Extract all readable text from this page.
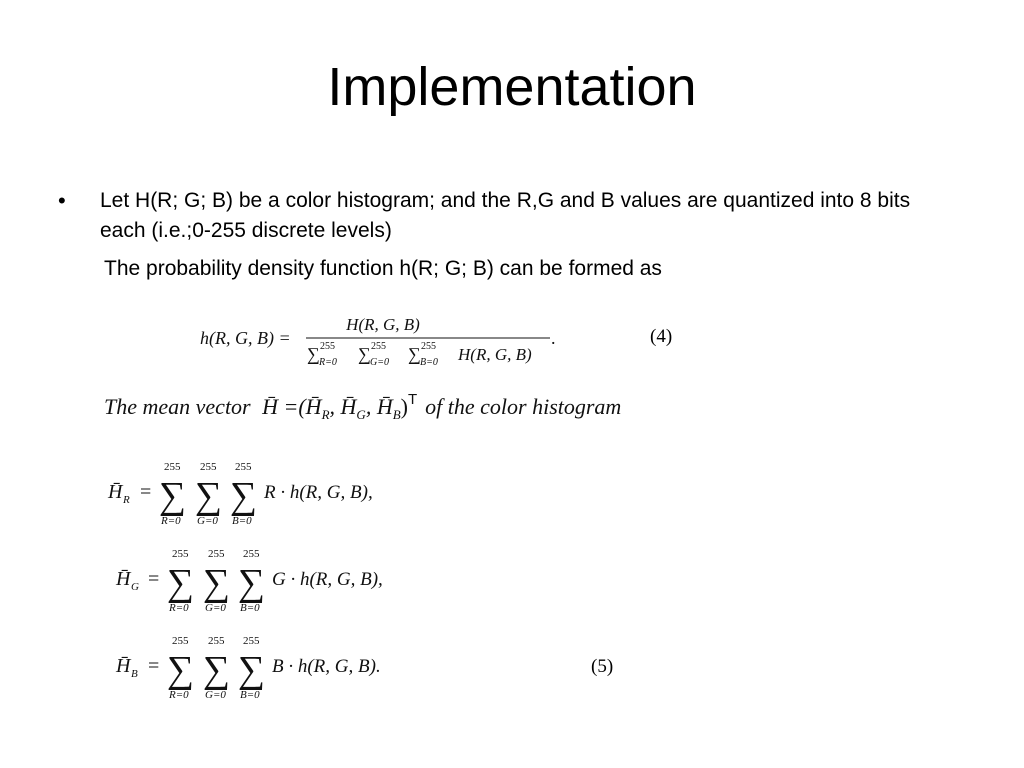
Implementation
• Let H(R; G; B) be a color histogram; and the R,G and B values are quantized into 8 bits each (i.e.;0-255 discrete levels)
The probability density function h(R; G; B) can be formed as
h(R, G, B) =
H(R, G, B)
∑ 255
R=0 ∑ 255
G=0 ∑ 255
B=0 H(R, G, B)
.	(4)
The mean vector H̄ $=(H̄_R$, $H̄_G$, $H̄_B)^T$ of the color histogram
H̄ R = ∑
255
R=0
∑
255
G=0
∑
255
B=0
R · h(R, G, B),
H̄ G = ∑
255
R=0
∑
255
G=0
∑
255
B=0
G · h(R, G, B),
H̄ B = ∑
255
R=0
∑
255
G=0
∑
255
B=0
B · h(R, G, B).	(5)
